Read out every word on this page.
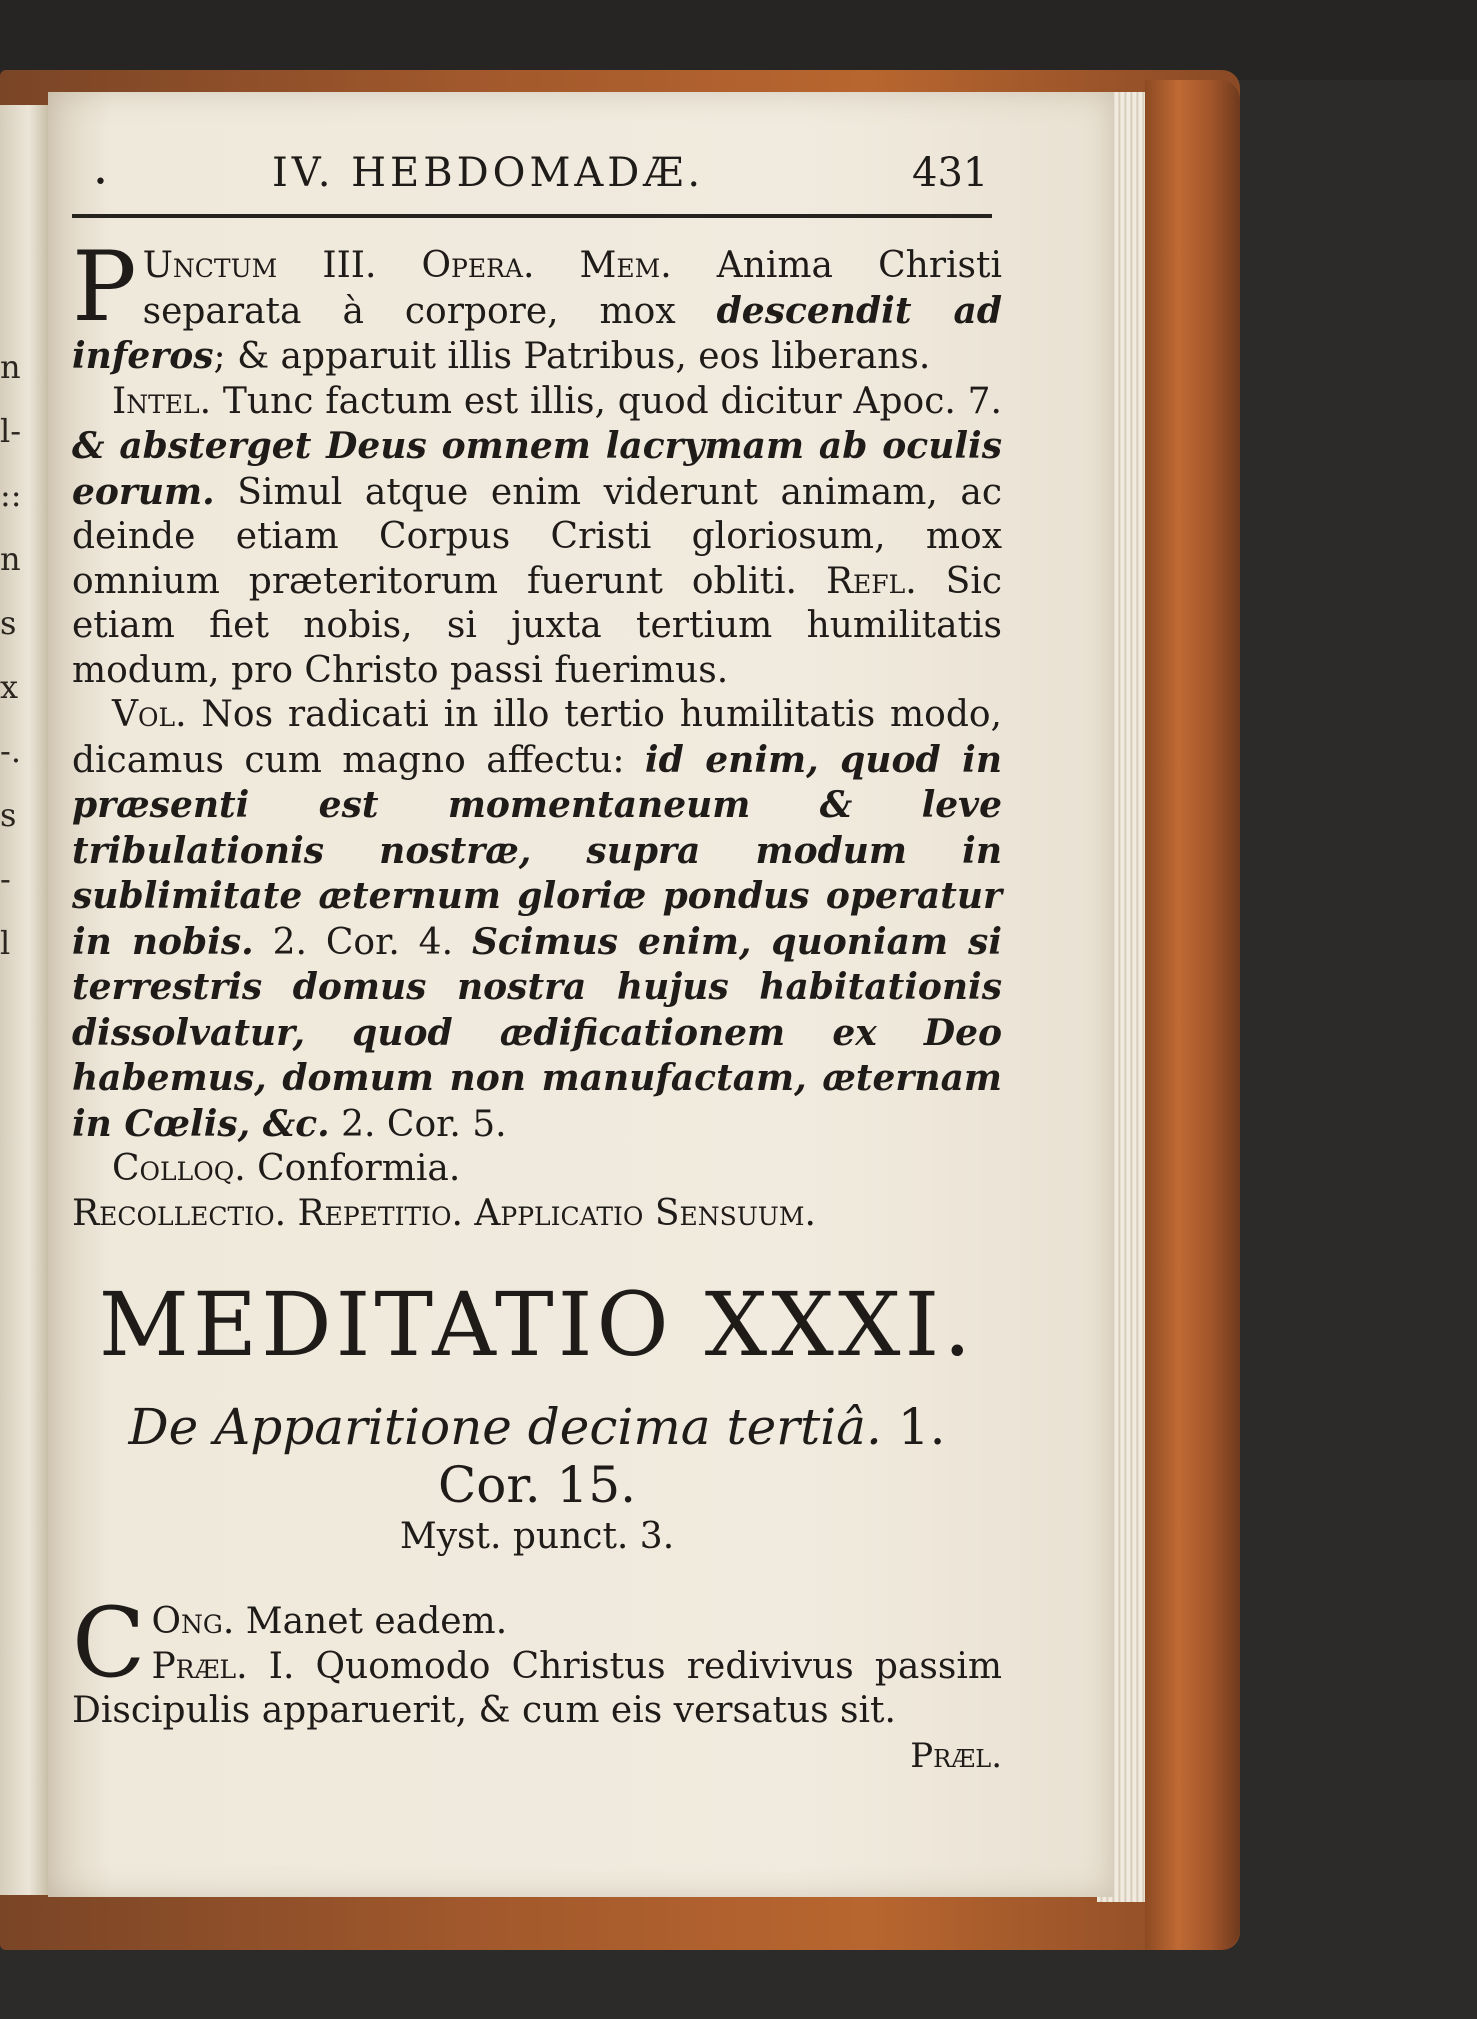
n
l-
::
n
s
x
-.
s
-
l
•	IV. HEBDOMADÆ.	431

P Unctum III. Opera. Mem. Anima Christi separata à corpore, mox descendit ad inferos; & apparuit illis Patribus, eos liberans.

Intel. Tunc factum est illis, quod dicitur Apoc. 7. & absterget Deus omnem lacrymam ab oculis eorum. Simul atque enim viderunt animam, ac deinde etiam Corpus Cristi gloriosum, mox omnium præteritorum fuerunt obliti. Refl. Sic etiam fiet nobis, si juxta tertium humilitatis modum, pro Christo passi fuerimus.

Vol. Nos radicati in illo tertio humilitatis modo, dicamus cum magno affectu: id enim, quod in præsenti est momentaneum & leve tribulationis nostræ, supra modum in sublimitate æternum gloriæ pondus operatur in nobis. 2. Cor. 4. Scimus enim, quoniam si terrestris domus nostra hujus habitationis dissolvatur, quod ædificationem ex Deo habemus, domum non manufactam, æternam in Cœlis, &c. 2. Cor. 5.

Colloq. Conformia.

Recollectio. Repetitio. Applicatio Sensuum.

MEDITATIO XXXI.

De Apparitione decima tertiâ. 1. Cor. 15.

Myst. punct. 3.

C Ong. Manet eadem.
Præl. I. Quomodo Christus redivivus passim Discipulis apparuerit, & cum eis versatus sit.

Præl.
